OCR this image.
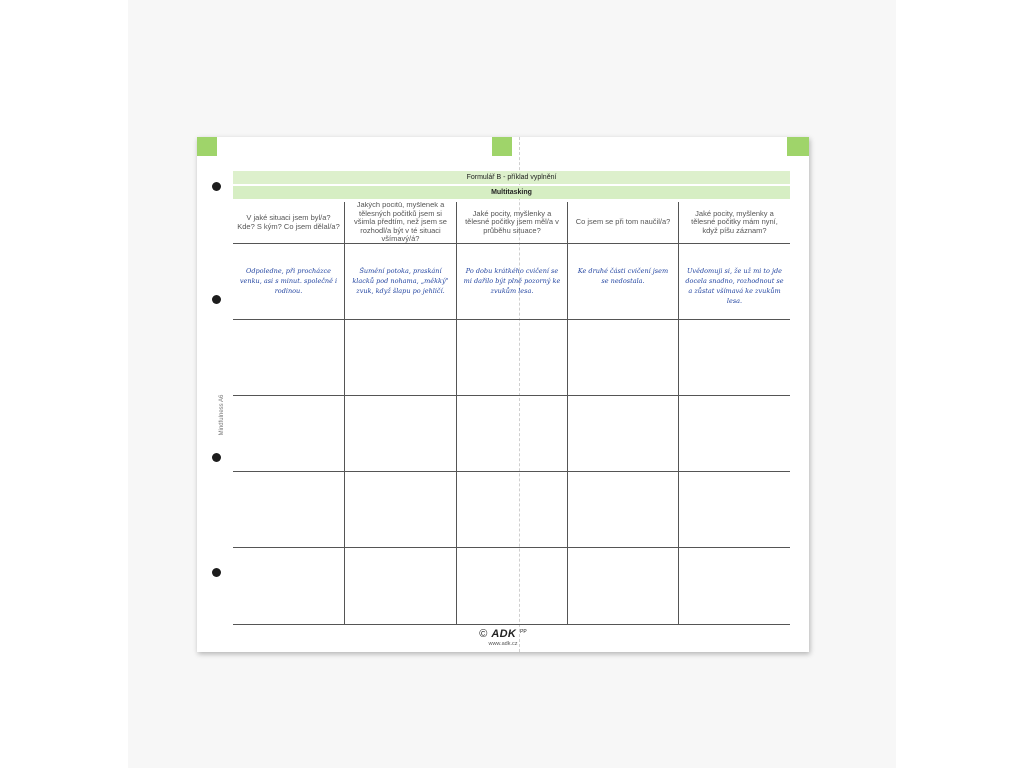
Mindfulness A6
Formulář B - příklad vyplnění
Multitasking
V jaké situaci jsem byl/a? Kde? S kým? Co jsem dělal/a?
Jakých pocitů, myšlenek a tělesných počitků jsem si všimla předtím, než jsem se rozhodl/a být v té situaci všímavý/á?
Jaké pocity, myšlenky a tělesné počitky jsem měl/a v průběhu situace?
Co jsem se při tom naučil/a?
Jaké pocity, myšlenky a tělesné počitky mám nyní, když píšu záznam?
Odpoledne, při procházce venku, asi s minut. společně i rodinou.
Šumění potoka, praskání klacků pod nohama, „měkký" zvuk, když šlapu po jehličí.
Po dobu krátkého cvičení se mi dařilo být plně pozorný ke zvukům lesa.
Ke druhé části cvičení jsem se nedostala.
Uvědomuji si, že už mi to jde docela snadno, rozhodnout se a zůstat všímavá ke zvukům lesa.
© ADK PP
www.adk.cz
